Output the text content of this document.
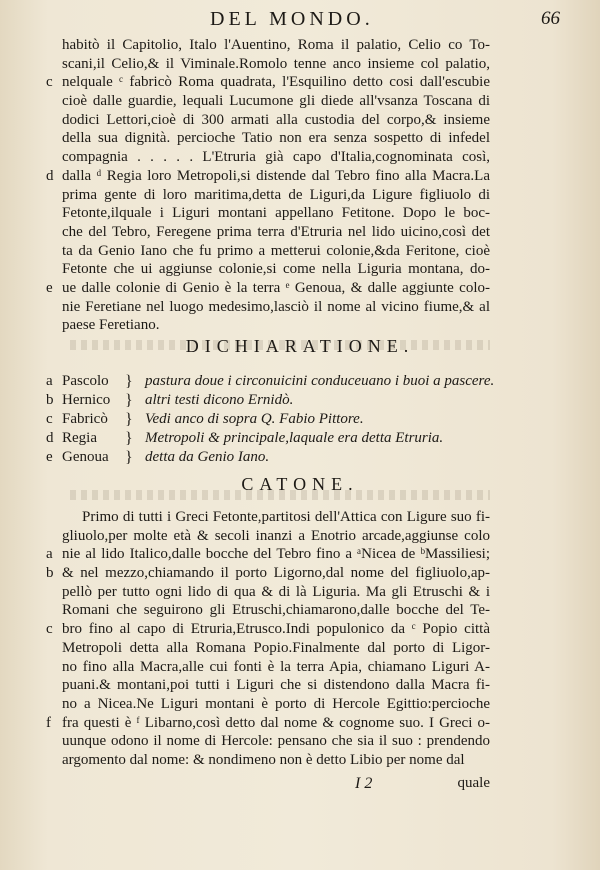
DEL MONDO.	66
habitò il Capitolio, Italo l'Auentino, Roma il palatio, Celio co To-
scani,il Celio,& il Viminale.Romolo tenne anco insieme col palatio,
c nelquale ᶜ fabricò Roma quadrata, l'Esquilino detto cosi dall'escubie
cioè dalle guardie, lequali Lucumone gli diede all'vsanza Toscana di
dodici Lettori,cioè di 300 armati alla custodia del corpo,& insieme
della sua dignità. percioche Tatio non era senza sospetto di infedel
compagnia . . . . . L'Etruria già capo d'Italia,cognominata così,
d dalla ᵈ Regia loro Metropoli,si distende dal Tebro fino alla Macra.La
prima gente di loro maritima,detta de Liguri,da Ligure figliuolo di
Fetonte,ilquale i Liguri montani appellano Fetitone. Dopo le boc-
che del Tebro, Feregene prima terra d'Etruria nel lido uicino,così det
ta da Genio Iano che fu primo a metterui colonie,&da Feritone, cioè
Fetonte che ui aggiunse colonie,si come nella Liguria montana, do-
e ue dalle colonie di Genio è la terra ᵉ Genoua, & dalle aggiunte colo-
nie Feretiane nel luogo medesimo,lasciò il nome al vicino fiume,& al
paese Feretiano.
DICHIARATIONE.
a Pascolo } pastura doue i circonuicini conduceuano i buoi a pascere.
b Hernico } altri testi dicono Ernidò.
c Fabricò } Vedi anco di sopra Q. Fabio Pittore.
d Regia } Metropoli & principale,laquale era detta Etruria.
e Genoua } detta da Genio Iano.
CATONE.
Primo di tutti i Greci Fetonte,partitosi dell'Attica con Ligure suo fi-
gliuolo,per molte età & secoli inanzi a Enotrio arcade,aggiunse colo
a nie al lido Italico,dalle bocche del Tebro fino a ᵃNicea de ᵇMassiliesi;
b & nel mezzo,chiamando il porto Ligorno,dal nome del figliuolo,ap-
pellò per tutto ogni lido di qua & di là Liguria. Ma gli Etruschi & i
Romani che seguirono gli Etruschi,chiamarono,dalle bocche del Te-
c bro fino al capo di Etruria,Etrusco.Indi populonico da ᶜ Popio città
Metropoli detta alla Romana Popio.Finalmente dal porto di Ligor-
no fino alla Macra,alle cui fonti è la terra Apia, chiamano Liguri A-
puani.& montani,poi tutti i Liguri che si distendono dalla Macra fi-
no a Nicea.Ne Liguri montani è porto di Hercole Egittio:percioche
f fra questi è ᶠ Libarno,così detto dal nome & cognome suo. I Greci o-
uunque odono il nome di Hercole: pensano che sia il suo : prendendo
argomento dal nome: & nondimeno non è detto Libio per nome dal
I 2	quale
